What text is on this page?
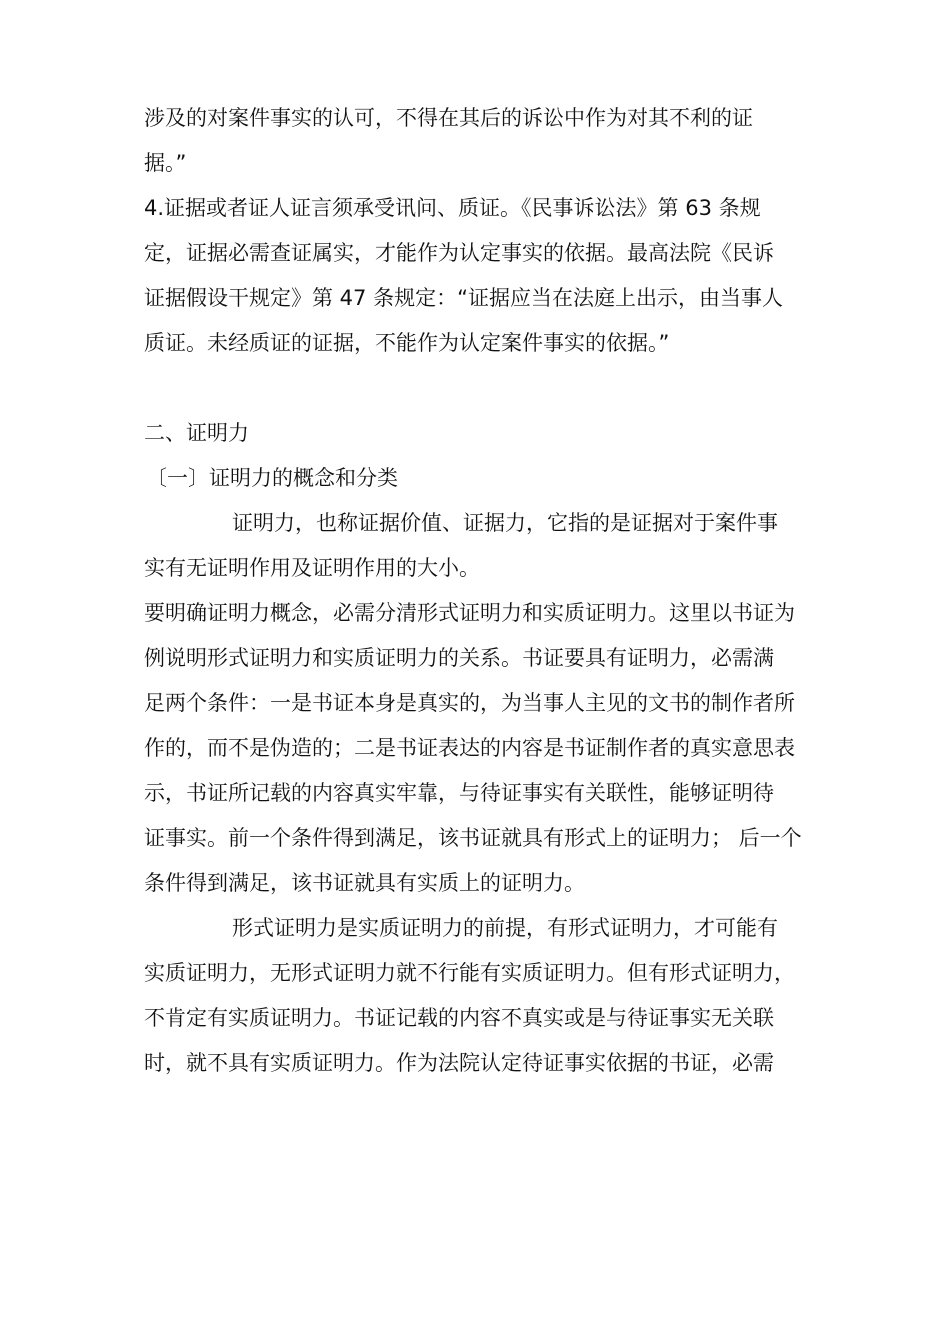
涉及的对案件事实的认可，不得在其后的诉讼中作为对其不利的证
据。”
4.证据或者证人证言须承受讯问、质证。《民事诉讼法》第 63 条规
定，证据必需查证属实，才能作为认定事实的依据。最高法院《民诉
证据假设干规定》第 47 条规定：“证据应当在法庭上出示，由当事人
质证。未经质证的证据，不能作为认定案件事实的依据。”
二、证明力
〔一〕证明力的概念和分类
证明力，也称证据价值、证据力，它指的是证据对于案件事
实有无证明作用及证明作用的大小。
要明确证明力概念，必需分清形式证明力和实质证明力。这里以书证为
例说明形式证明力和实质证明力的关系。书证要具有证明力，必需满
足两个条件：一是书证本身是真实的，为当事人主见的文书的制作者所
作的，而不是伪造的；二是书证表达的内容是书证制作者的真实意思表
示，书证所记载的内容真实牢靠，与待证事实有关联性，能够证明待
证事实。前一个条件得到满足，该书证就具有形式上的证明力； 后一个
条件得到满足，该书证就具有实质上的证明力。
形式证明力是实质证明力的前提，有形式证明力，才可能有
实质证明力，无形式证明力就不行能有实质证明力。但有形式证明力，
不肯定有实质证明力。书证记载的内容不真实或是与待证事实无关联
时，就不具有实质证明力。作为法院认定待证事实依据的书证，必需
